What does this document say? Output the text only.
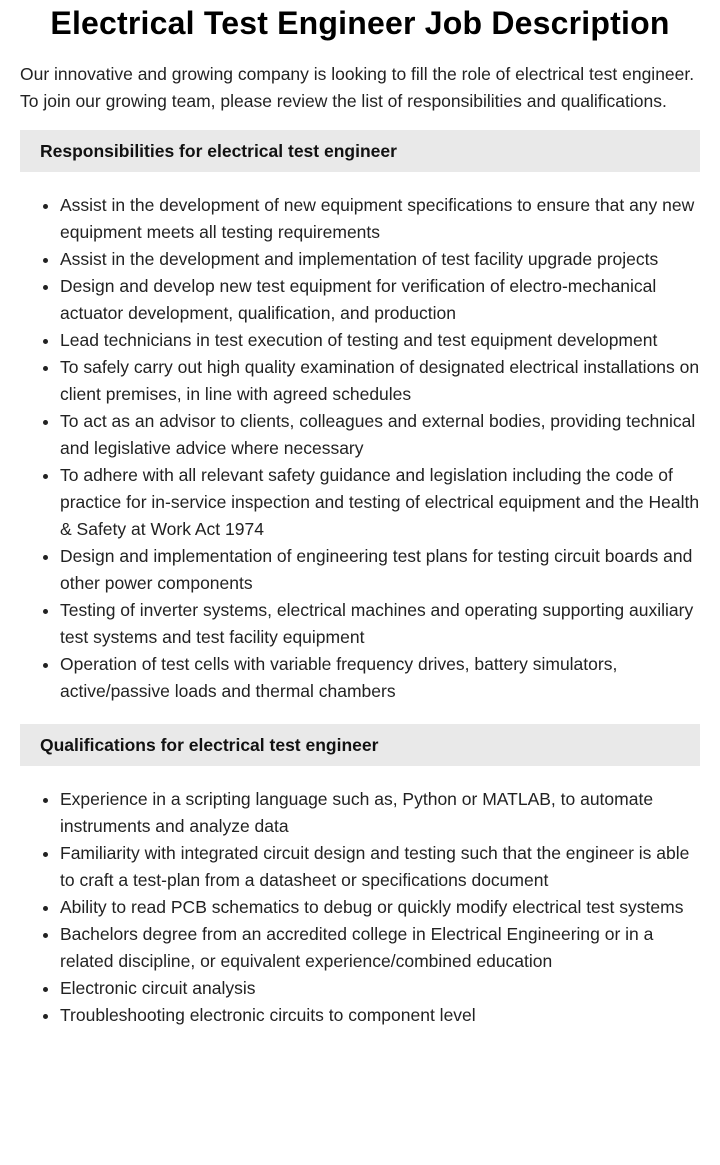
Electrical Test Engineer Job Description

Our innovative and growing company is looking to fill the role of electrical test engineer. To join our growing team, please review the list of responsibilities and qualifications.

Responsibilities for electrical test engineer
• Assist in the development of new equipment specifications to ensure that any new equipment meets all testing requirements
• Assist in the development and implementation of test facility upgrade projects
• Design and develop new test equipment for verification of electro-mechanical actuator development, qualification, and production
• Lead technicians in test execution of testing and test equipment development
• To safely carry out high quality examination of designated electrical installations on client premises, in line with agreed schedules
• To act as an advisor to clients, colleagues and external bodies, providing technical and legislative advice where necessary
• To adhere with all relevant safety guidance and legislation including the code of practice for in-service inspection and testing of electrical equipment and the Health & Safety at Work Act 1974
• Design and implementation of engineering test plans for testing circuit boards and other power components
• Testing of inverter systems, electrical machines and operating supporting auxiliary test systems and test facility equipment
• Operation of test cells with variable frequency drives, battery simulators, active/passive loads and thermal chambers
Qualifications for electrical test engineer
• Experience in a scripting language such as, Python or MATLAB, to automate instruments and analyze data
• Familiarity with integrated circuit design and testing such that the engineer is able to craft a test-plan from a datasheet or specifications document
• Ability to read PCB schematics to debug or quickly modify electrical test systems
• Bachelors degree from an accredited college in Electrical Engineering or in a related discipline, or equivalent experience/combined education
• Electronic circuit analysis
• Troubleshooting electronic circuits to component level
